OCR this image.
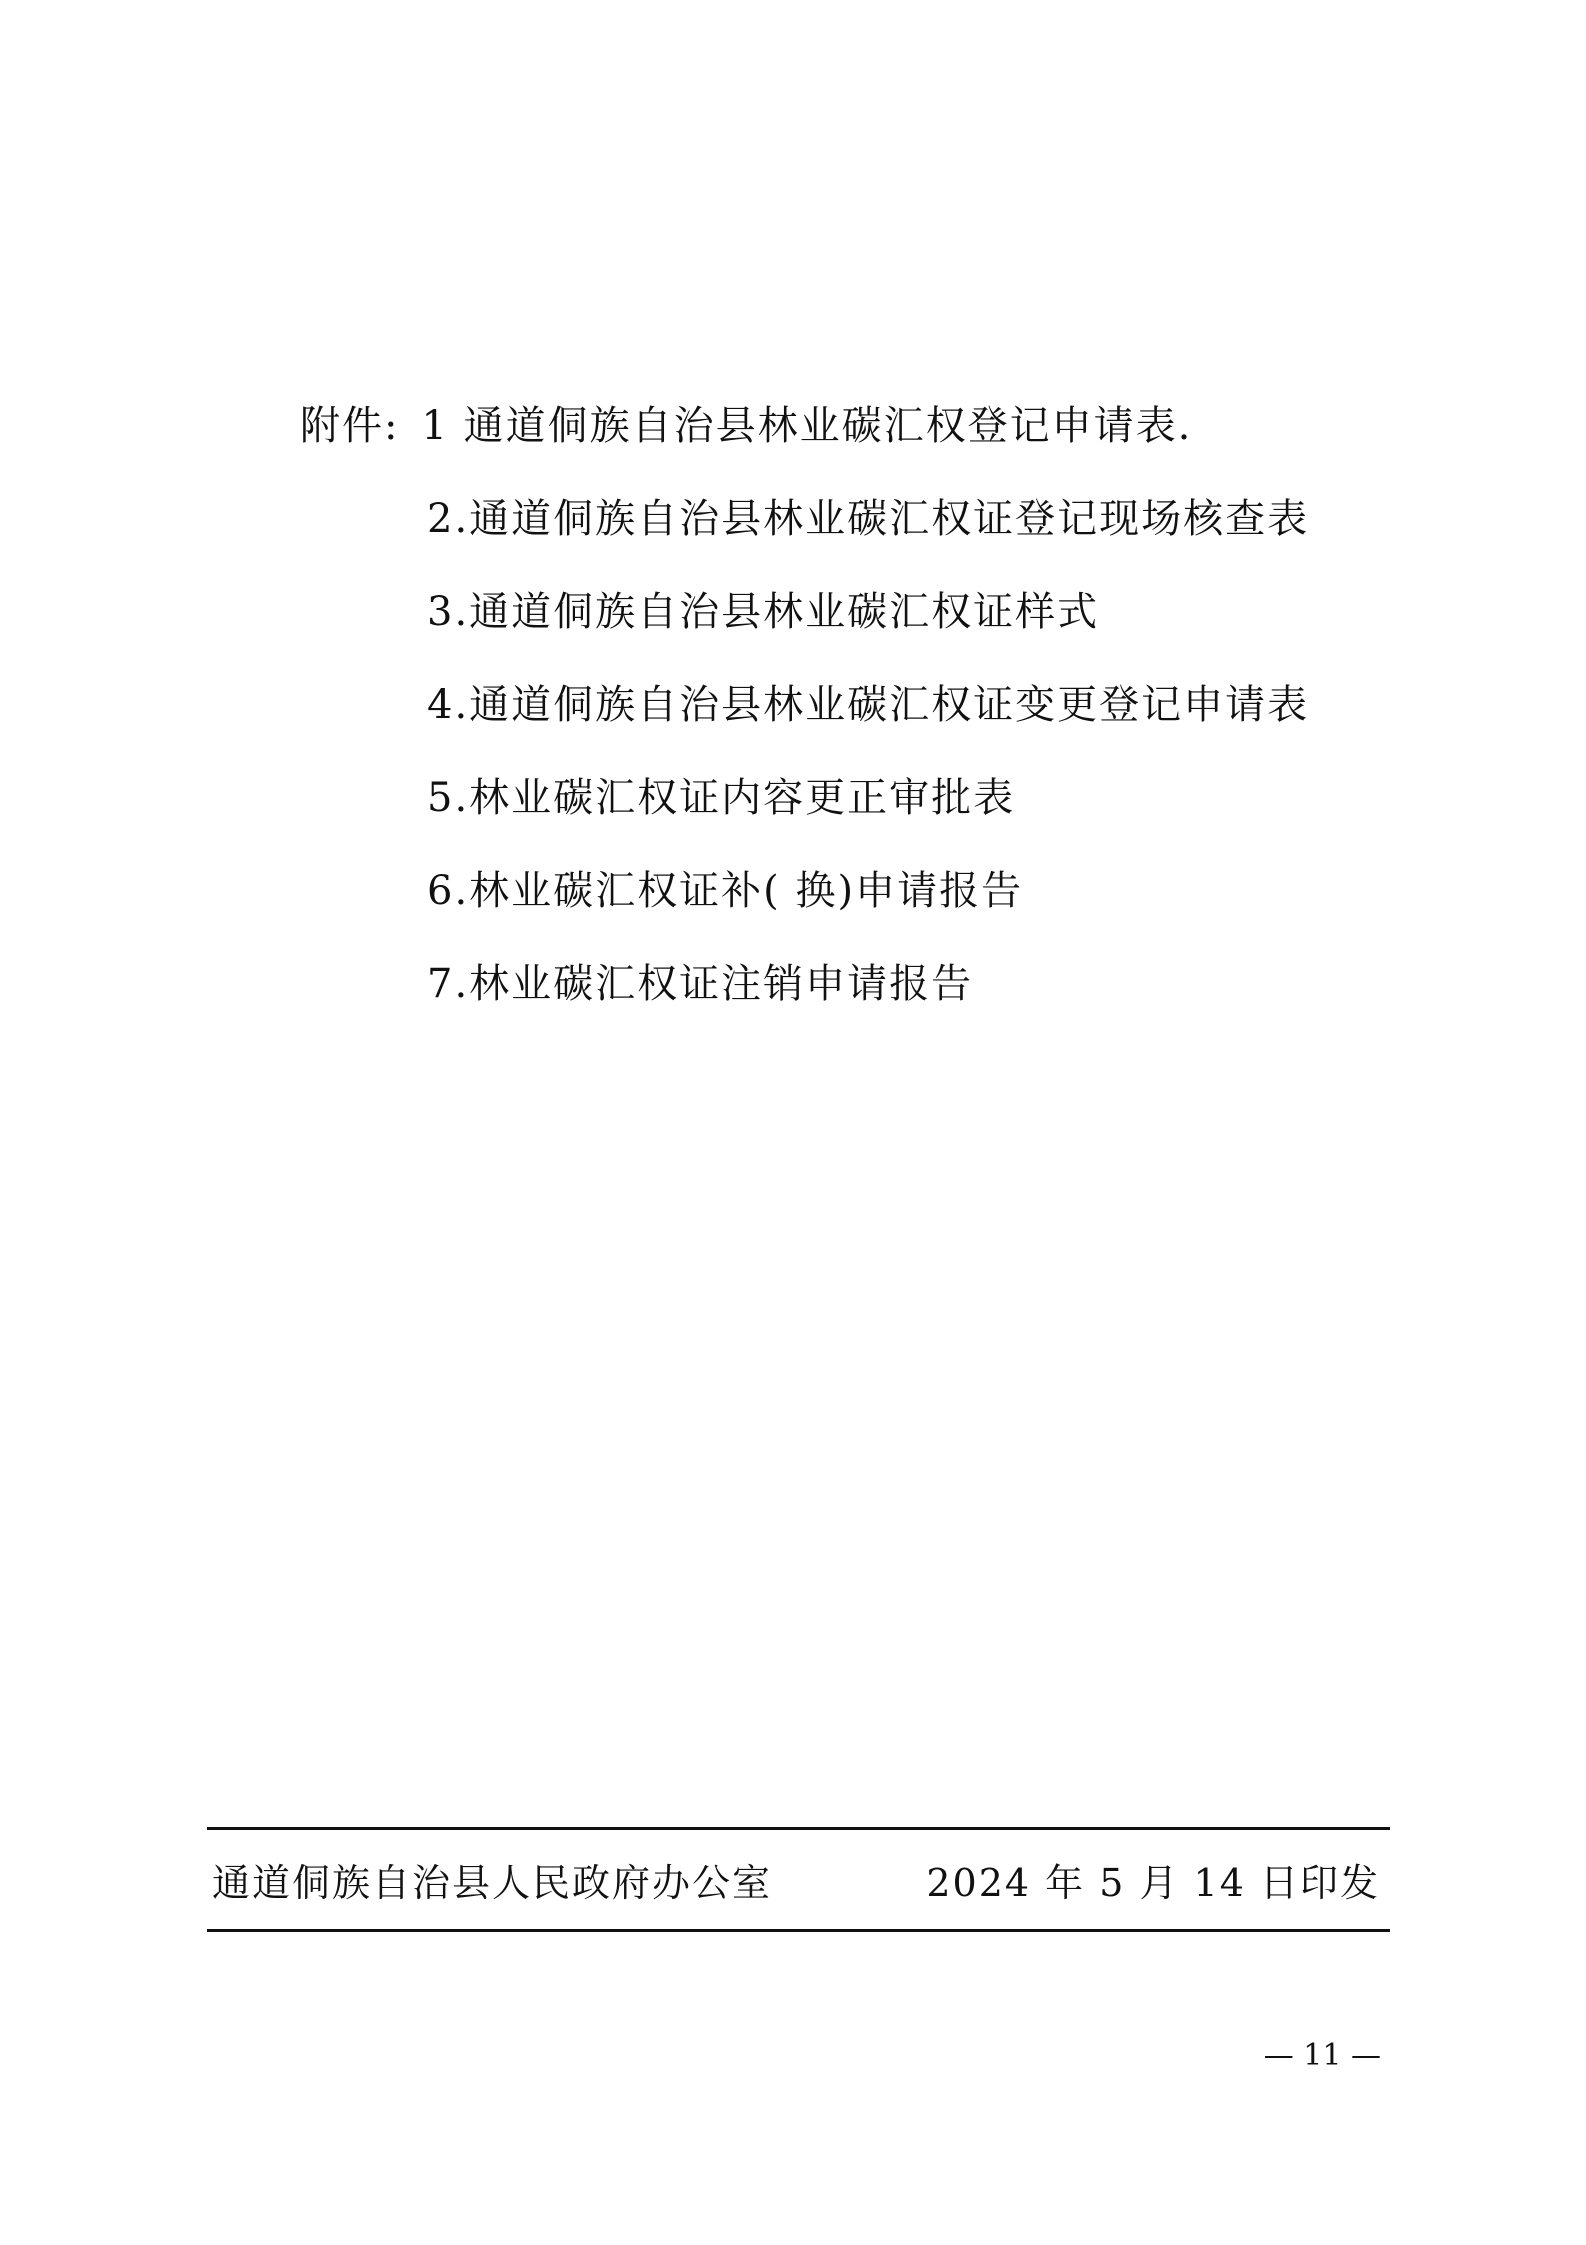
附件: 1 通道侗族自治县林业碳汇权登记申请表.
2.通道侗族自治县林业碳汇权证登记现场核查表
3.通道侗族自治县林业碳汇权证样式
4.通道侗族自治县林业碳汇权证变更登记申请表
5.林业碳汇权证内容更正审批表
6.林业碳汇权证补( 换)申请报告
7.林业碳汇权证注销申请报告
通道侗族自治县人民政府办公室	2024 年 5 月 14 日印发
— 11 —
